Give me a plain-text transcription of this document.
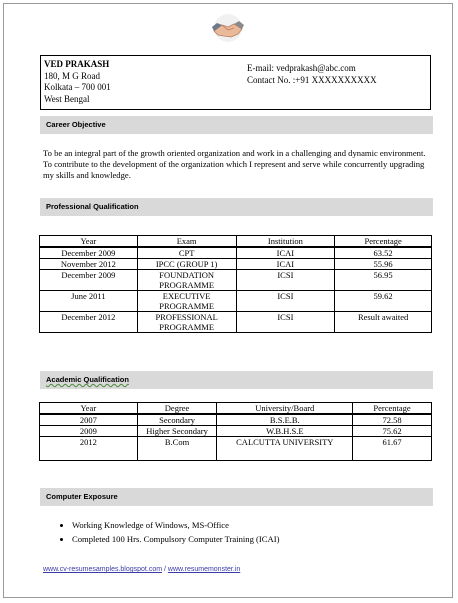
VED PRAKASH
180, M G Road
Kolkata – 700 001
West Bengal
E-mail: vedprakash@abc.com
Contact No. :+91 XXXXXXXXXX
Career Objective
To be an integral part of the growth oriented organization and work in a challenging and dynamic environment. To contribute to the development of the organization which I represent and serve while concurrently upgrading my skills and knowledge.
Professional Qualification
Year	Exam	Institution	Percentage
December 2009	CPT	ICAI	63.52
November 2012	IPCC (GROUP 1)	ICAI	55.96
December 2009	FOUNDATION PROGRAMME	ICSI	56.95
June 2011	EXECUTIVE PROGRAMME	ICSI	59.62
December 2012	PROFESSIONAL PROGRAMME	ICSI	Result awaited
Academic Qualification
Year	Degree	University/Board	Percentage
2007	Secondary	B.S.E.B.	72.58
2009	Higher Secondary	W.B.H.S.E	75.62
2012	B.Com	CALCUTTA UNIVERSITY	61.67
Computer Exposure
• Working Knowledge of Windows, MS-Office
• Completed 100 Hrs. Compulsory Computer Training (ICAI)
www.cv-resumesamples.blogspot.com / www.resumemonster.in
